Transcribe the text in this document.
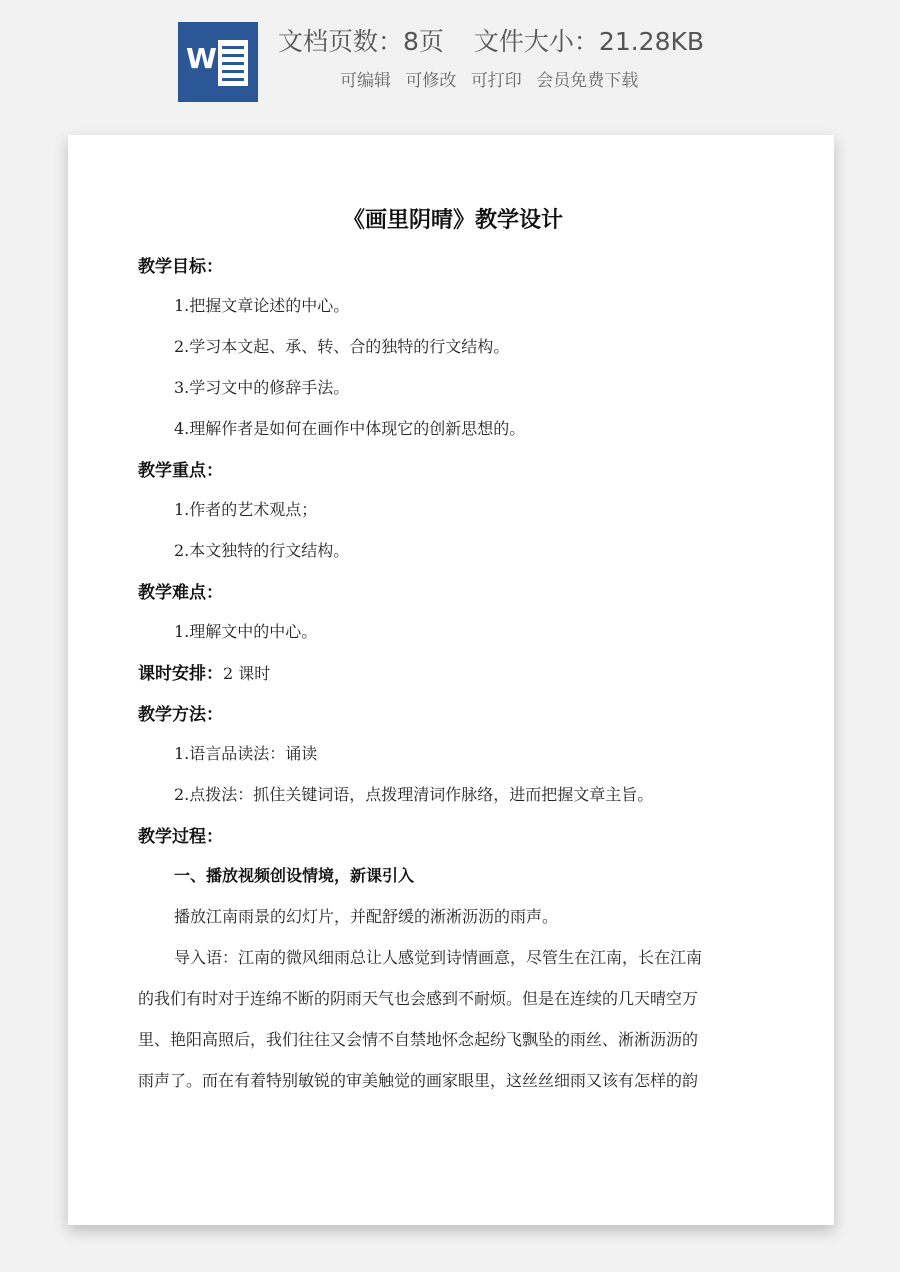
W
文档页数：8页 文件大小：21.28KB
可编辑 可修改 可打印 会员免费下载
《画里阴晴》教学设计
教学目标：
1.把握文章论述的中心。
2.学习本文起、承、转、合的独特的行文结构。
3.学习文中的修辞手法。
4.理解作者是如何在画作中体现它的创新思想的。
教学重点：
1.作者的艺术观点；
2.本文独特的行文结构。
教学难点：
1.理解文中的中心。
课时安排：2 课时
教学方法：
1.语言品读法：诵读
2.点拨法：抓住关键词语，点拨理清词作脉络，进而把握文章主旨。
教学过程：
一、播放视频创设情境，新课引入
播放江南雨景的幻灯片，并配舒缓的淅淅沥沥的雨声。
导入语：江南的微风细雨总让人感觉到诗情画意，尽管生在江南，长在江南
的我们有时对于连绵不断的阴雨天气也会感到不耐烦。但是在连续的几天晴空万
里、艳阳高照后，我们往往又会情不自禁地怀念起纷飞飘坠的雨丝、淅淅沥沥的
雨声了。而在有着特别敏锐的审美触觉的画家眼里，这丝丝细雨又该有怎样的韵
